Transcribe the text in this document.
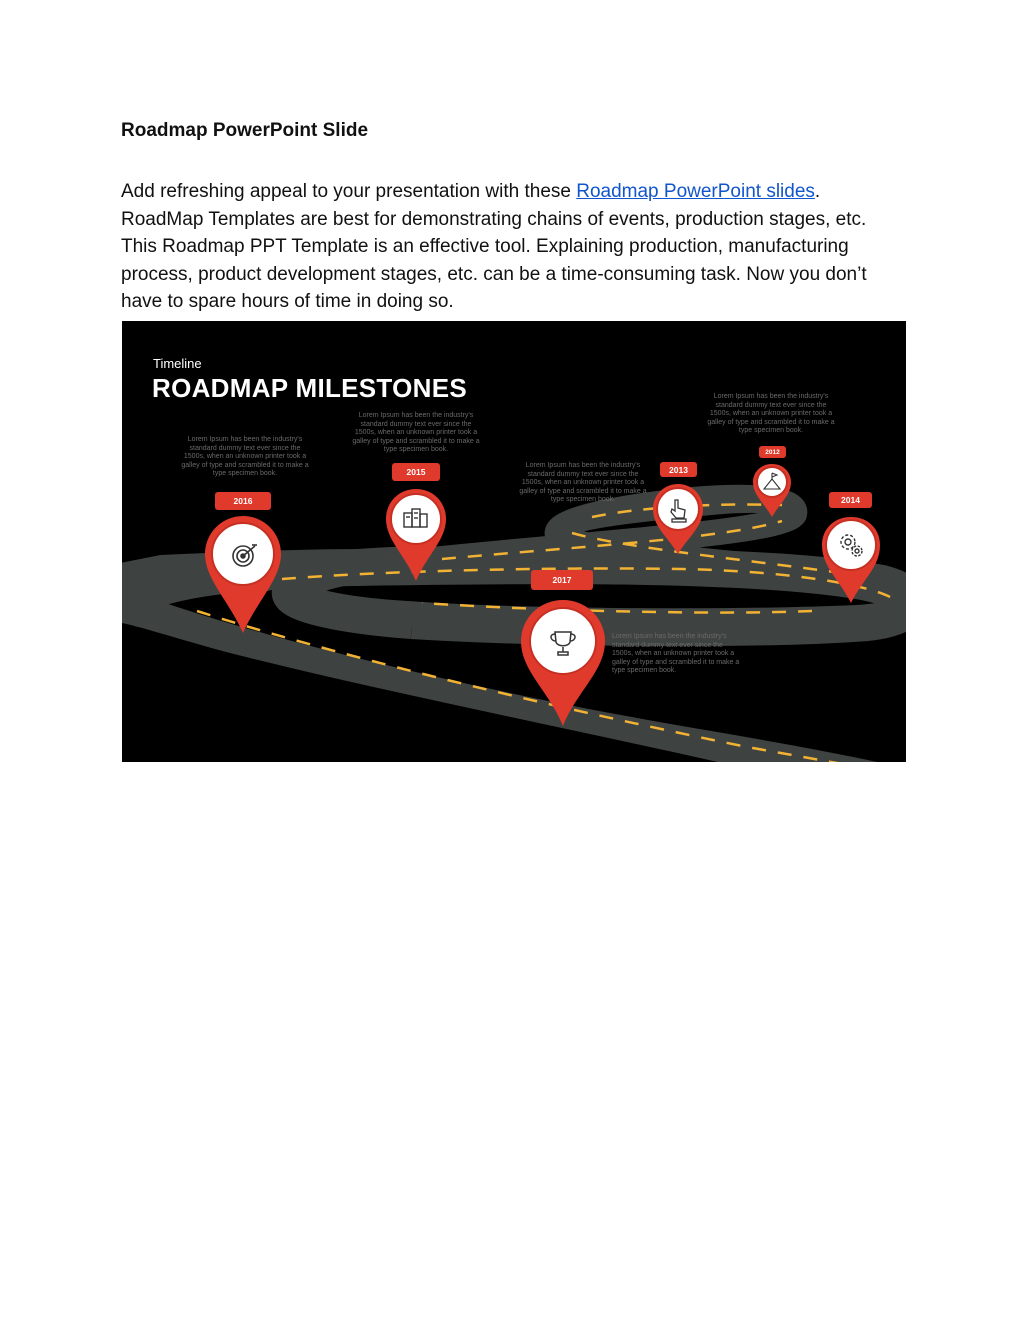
Roadmap PowerPoint Slide
Add refreshing appeal to your presentation with these Roadmap PowerPoint slides. RoadMap Templates are best for demonstrating chains of events, production stages, etc. This Roadmap PPT Template is an effective tool. Explaining production, manufacturing process, product development stages, etc. can be a time-consuming task. Now you don’t have to spare hours of time in doing so.
Timeline
ROADMAP MILESTONES
2016
2015
2017
2013
2012
2014
Lorem Ipsum has been the industry's standard dummy text ever since the 1500s, when an unknown printer took a galley of type and scrambled it to make a type specimen book.
Lorem Ipsum has been the industry's standard dummy text ever since the 1500s, when an unknown printer took a galley of type and scrambled it to make a type specimen book.
Lorem Ipsum has been the industry's standard dummy text ever since the 1500s, when an unknown printer took a galley of type and scrambled it to make a type specimen book.
Lorem Ipsum has been the industry's standard dummy text ever since the 1500s, when an unknown printer took a galley of type and scrambled it to make a type specimen book.
Lorem Ipsum has been the industry's standard dummy text ever since the 1500s, when an unknown printer took a galley of type and scrambled it to make a type specimen book.
